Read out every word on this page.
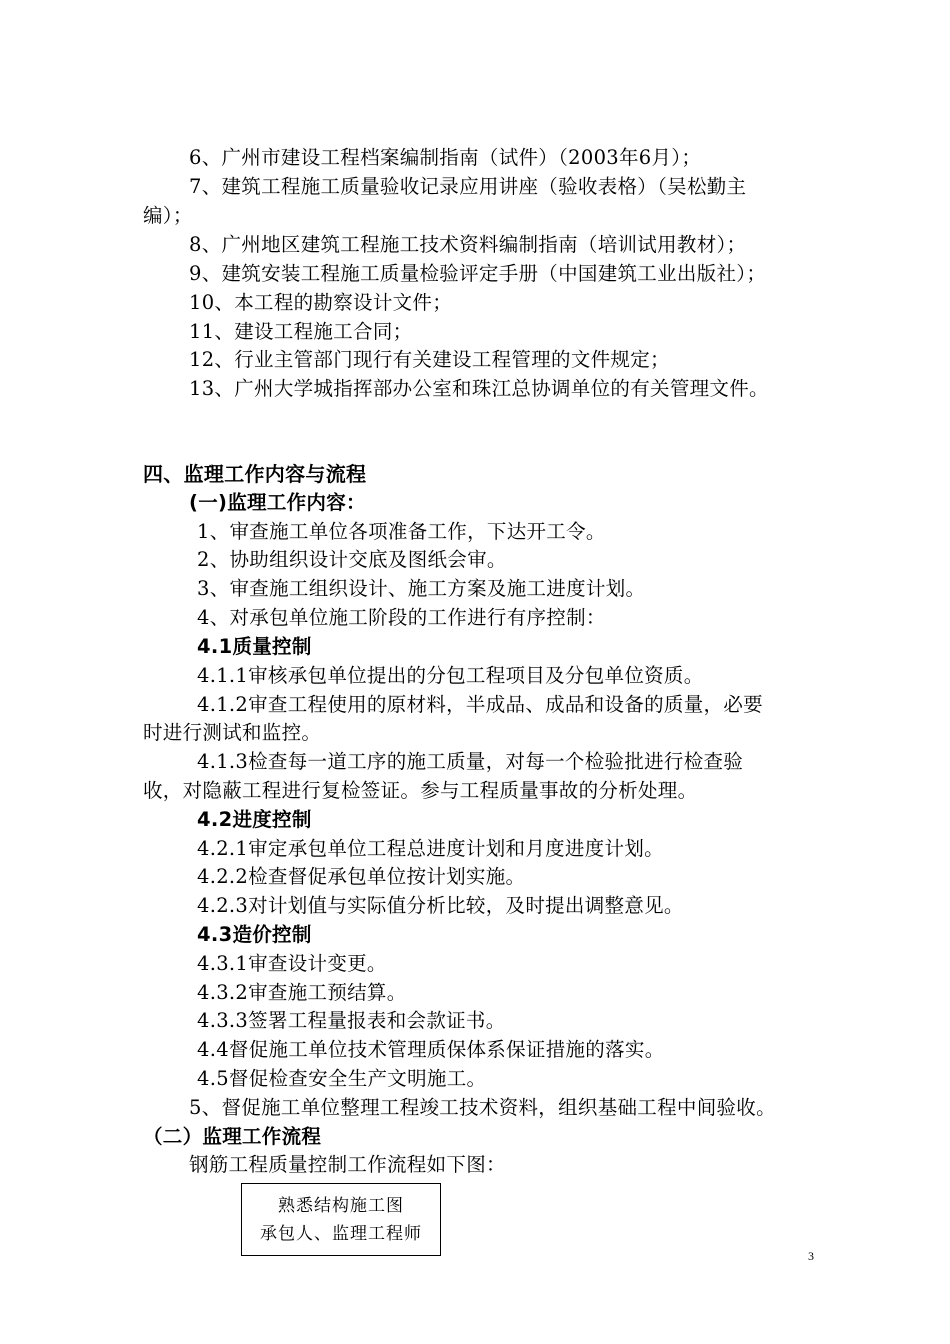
6、广州市建设工程档案编制指南（试件）（2003年6月）；
7、建筑工程施工质量验收记录应用讲座（验收表格）（吴松勤主
编）；
8、广州地区建筑工程施工技术资料编制指南（培训试用教材）；
9、建筑安装工程施工质量检验评定手册（中国建筑工业出版社）；
10、本工程的勘察设计文件；
11、建设工程施工合同；
12、行业主管部门现行有关建设工程管理的文件规定；
13、广州大学城指挥部办公室和珠江总协调单位的有关管理文件。
四、监理工作内容与流程
(一)监理工作内容：
1、审查施工单位各项准备工作，下达开工令。
2、协助组织设计交底及图纸会审。
3、审查施工组织设计、施工方案及施工进度计划。
4、对承包单位施工阶段的工作进行有序控制：
4.1质量控制
4.1.1审核承包单位提出的分包工程项目及分包单位资质。
4.1.2审查工程使用的原材料，半成品、成品和设备的质量，必要
时进行测试和监控。
4.1.3检查每一道工序的施工质量，对每一个检验批进行检查验
收，对隐蔽工程进行复检签证。参与工程质量事故的分析处理。
4.2进度控制
4.2.1审定承包单位工程总进度计划和月度进度计划。
4.2.2检查督促承包单位按计划实施。
4.2.3对计划值与实际值分析比较，及时提出调整意见。
4.3造价控制
4.3.1审查设计变更。
4.3.2审查施工预结算。
4.3.3签署工程量报表和会款证书。
4.4督促施工单位技术管理质保体系保证措施的落实。
4.5督促检查安全生产文明施工。
5、督促施工单位整理工程竣工技术资料，组织基础工程中间验收。
（二）监理工作流程
钢筋工程质量控制工作流程如下图：
熟悉结构施工图
承包人、监理工程师
3
